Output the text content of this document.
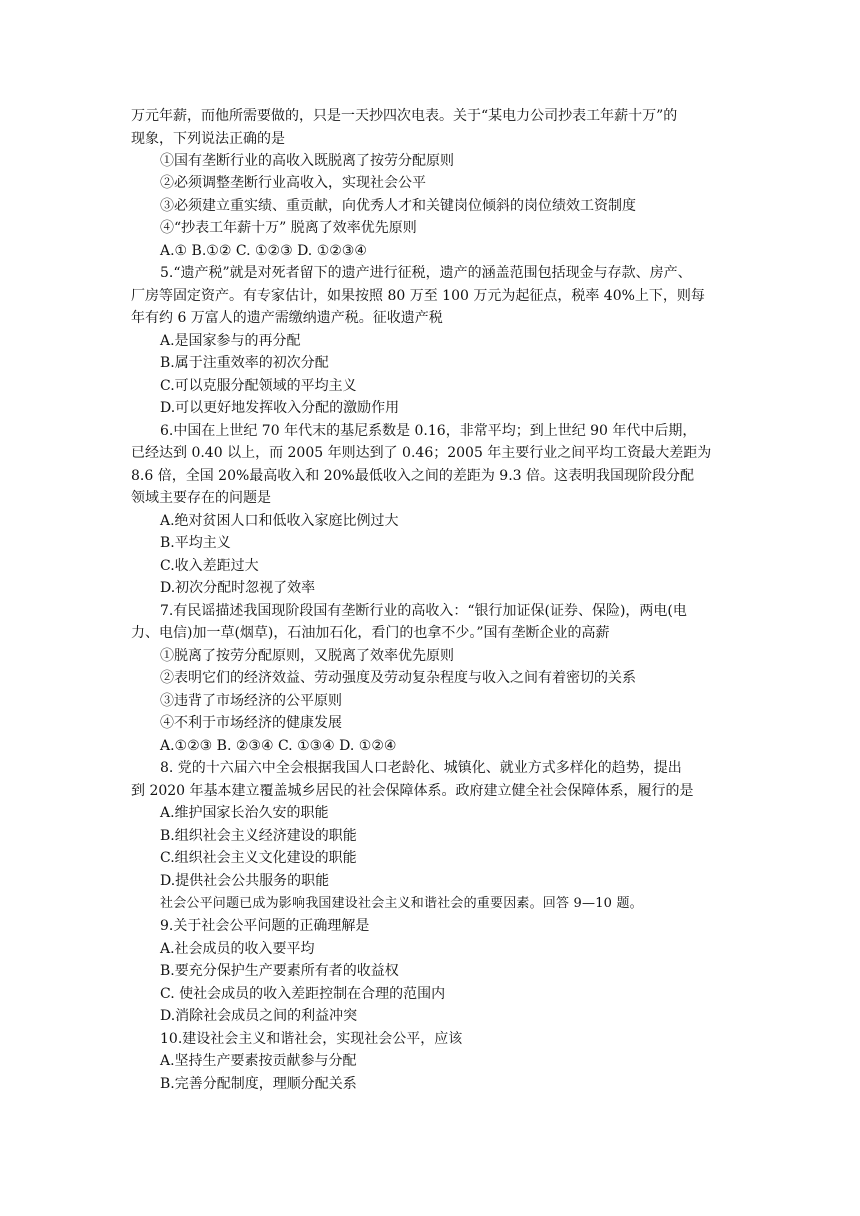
万元年薪，而他所需要做的，只是一天抄四次电表。关于“某电力公司抄表工年薪十万”的
现象，下列说法正确的是
①国有垄断行业的高收入既脱离了按劳分配原则
②必须调整垄断行业高收入，实现社会公平
③必须建立重实绩、重贡献，向优秀人才和关键岗位倾斜的岗位绩效工资制度
④“抄表工年薪十万” 脱离了效率优先原则
A.① B.①② C. ①②③ D. ①②③④
5.“遗产税”就是对死者留下的遗产进行征税，遗产的涵盖范围包括现金与存款、房产、
厂房等固定资产。有专家估计，如果按照 80 万至 100 万元为起征点，税率 40%上下，则每
年有约 6 万富人的遗产需缴纳遗产税。征收遗产税
A.是国家参与的再分配
B.属于注重效率的初次分配
C.可以克服分配领域的平均主义
D.可以更好地发挥收入分配的激励作用
6.中国在上世纪 70 年代末的基尼系数是 0.16，非常平均；到上世纪 90 年代中后期，
已经达到 0.40 以上，而 2005 年则达到了 0.46；2005 年主要行业之间平均工资最大差距为
8.6 倍，全国 20%最高收入和 20%最低收入之间的差距为 9.3 倍。这表明我国现阶段分配
领域主要存在的问题是
A.绝对贫困人口和低收入家庭比例过大
B.平均主义
C.收入差距过大
D.初次分配时忽视了效率
7.有民谣描述我国现阶段国有垄断行业的高收入：“银行加证保(证券、保险)，两电(电
力、电信)加一草(烟草)，石油加石化，看门的也拿不少。”国有垄断企业的高薪
①脱离了按劳分配原则，又脱离了效率优先原则
②表明它们的经济效益、劳动强度及劳动复杂程度与收入之间有着密切的关系
③违背了市场经济的公平原则
④不利于市场经济的健康发展
A.①②③ B. ②③④ C. ①③④ D. ①②④
8. 党的十六届六中全会根据我国人口老龄化、城镇化、就业方式多样化的趋势，提出
到 2020 年基本建立覆盖城乡居民的社会保障体系。政府建立健全社会保障体系，履行的是
A.维护国家长治久安的职能
B.组织社会主义经济建设的职能
C.组织社会主义文化建设的职能
D.提供社会公共服务的职能
社会公平问题已成为影响我国建设社会主义和谐社会的重要因素。回答 9—10 题。
9.关于社会公平问题的正确理解是
A.社会成员的收入要平均
B.要充分保护生产要素所有者的收益权
C. 使社会成员的收入差距控制在合理的范围内
D.消除社会成员之间的利益冲突
10.建设社会主义和谐社会，实现社会公平，应该
A.坚持生产要素按贡献参与分配
B.完善分配制度，理顺分配关系
